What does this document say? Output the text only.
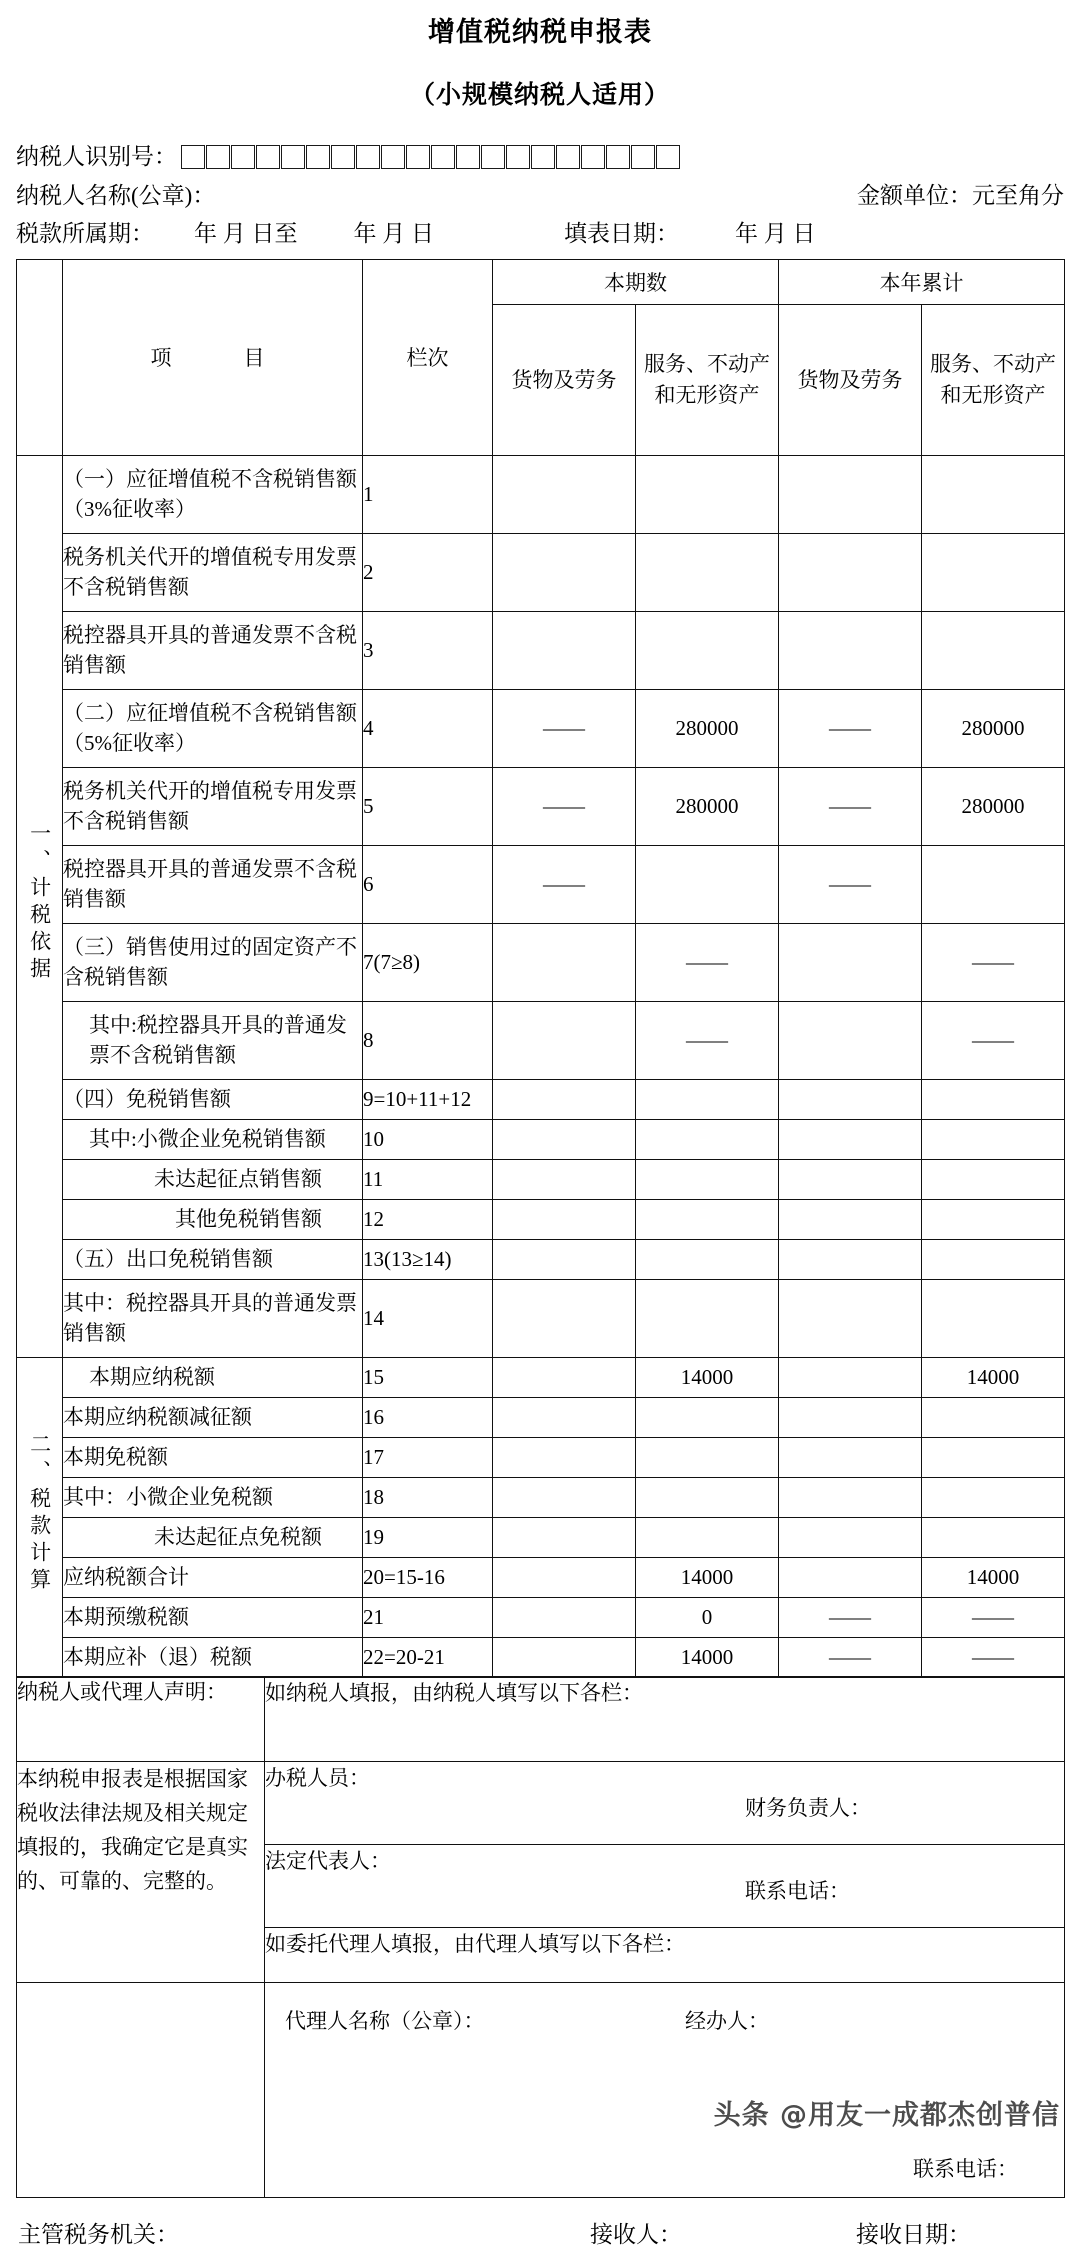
增值税纳税申报表
（小规模纳税人适用）
纳税人识别号：
纳税人名称(公章)：	金额单位：元至角分
税款所属期： 年 月 日至 年 月 日	填表日期： 年 月 日
	项　　目	栏次	本期数		本年累计	
			货物及劳务	服务、不动产和无形资产	货物及劳务	服务、不动产和无形资产

一、计税依据	（一）应征增值税不含税销售额（3%征收率）	1				
	税务机关代开的增值税专用发票不含税销售额	2				
	税控器具开具的普通发票不含税销售额	3				
	（二）应征增值税不含税销售额（5%征收率）	4	——	280000	——	280000
	税务机关代开的增值税专用发票不含税销售额	5	——	280000	——	280000
	税控器具开具的普通发票不含税销售额	6	——		——	
	（三）销售使用过的固定资产不含税销售额	7(7≥8)		——		——
	其中:税控器具开具的普通发票不含税销售额	8		——		——
	（四）免税销售额	9=10+11+12				
	其中:小微企业免税销售额	10				
	未达起征点销售额	11				
	其他免税销售额	12				
	（五）出口免税销售额	13(13≥14)				
	其中：税控器具开具的普通发票销售额	14				
二、税款计算	本期应纳税额	15		14000		14000
	本期应纳税额减征额	16				
	本期免税额	17				
	其中：小微企业免税额	18				
	未达起征点免税额	19				
	应纳税额合计	20=15-16		14000		14000
	本期预缴税额	21		0	——	——
	本期应补（退）税额	22=20-21		14000	——	——
纳税人或代理人声明：	如纳税人填报，由纳税人填写以下各栏：
本纳税申报表是根据国家税收法律法规及相关规定填报的，我确定它是真实的、可靠的、完整的。	办税人员：
财务负责人：

	法定代表人：
联系电话：

	如委托代理人填报，由代理人填写以下各栏：

	代理人名称（公章）： 经办人：
联系电话：
主管税务机关：	接收人：	接收日期：
头条 @用友一成都杰创普信
